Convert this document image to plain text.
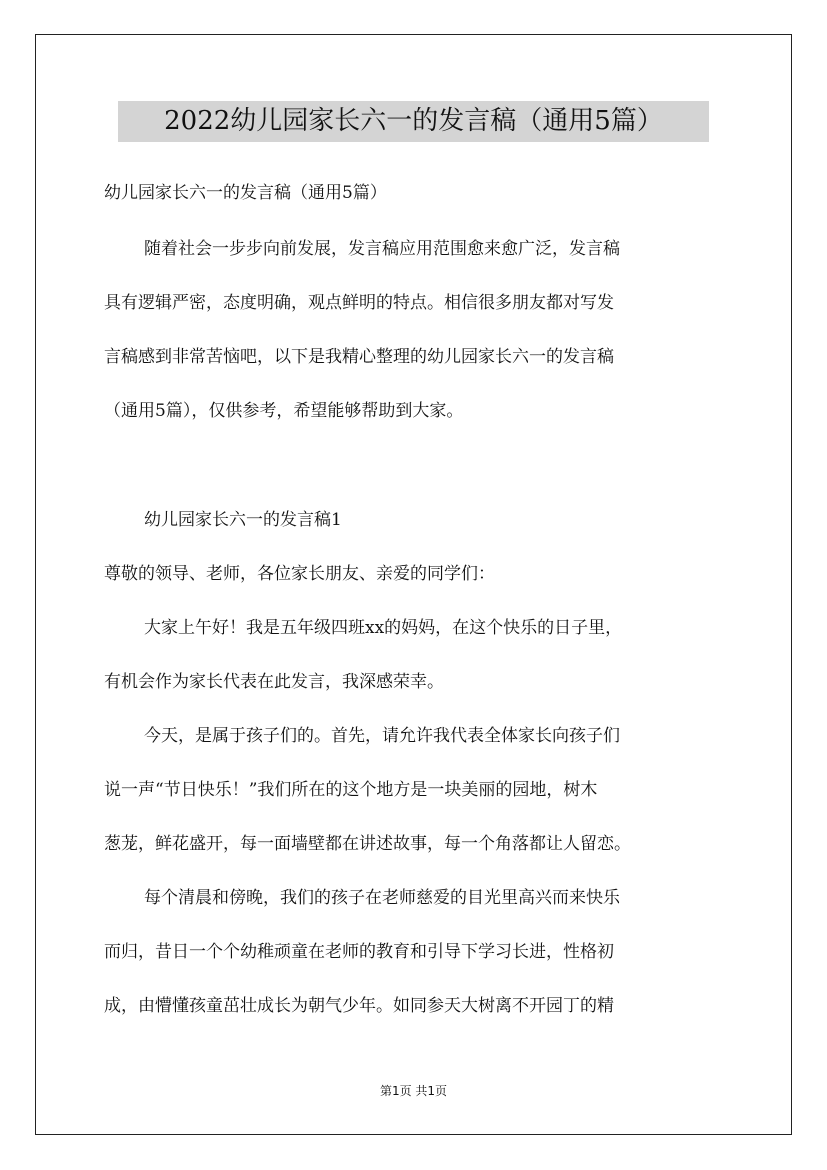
2022幼儿园家长六一的发言稿（通用5篇）
幼儿园家长六一的发言稿（通用5篇）
随着社会一步步向前发展，发言稿应用范围愈来愈广泛，发言稿
具有逻辑严密，态度明确，观点鲜明的特点。相信很多朋友都对写发
言稿感到非常苦恼吧，以下是我精心整理的幼儿园家长六一的发言稿
（通用5篇），仅供参考，希望能够帮助到大家。
幼儿园家长六一的发言稿1
尊敬的领导、老师，各位家长朋友、亲爱的同学们：
大家上午好！我是五年级四班xx的妈妈，在这个快乐的日子里，
有机会作为家长代表在此发言，我深感荣幸。
今天，是属于孩子们的。首先，请允许我代表全体家长向孩子们
说一声“节日快乐！”我们所在的这个地方是一块美丽的园地，树木
葱茏，鲜花盛开，每一面墙壁都在讲述故事，每一个角落都让人留恋。
每个清晨和傍晚，我们的孩子在老师慈爱的目光里高兴而来快乐
而归，昔日一个个幼稚顽童在老师的教育和引导下学习长进，性格初
成，由懵懂孩童茁壮成长为朝气少年。如同参天大树离不开园丁的精
第1页 共1页
